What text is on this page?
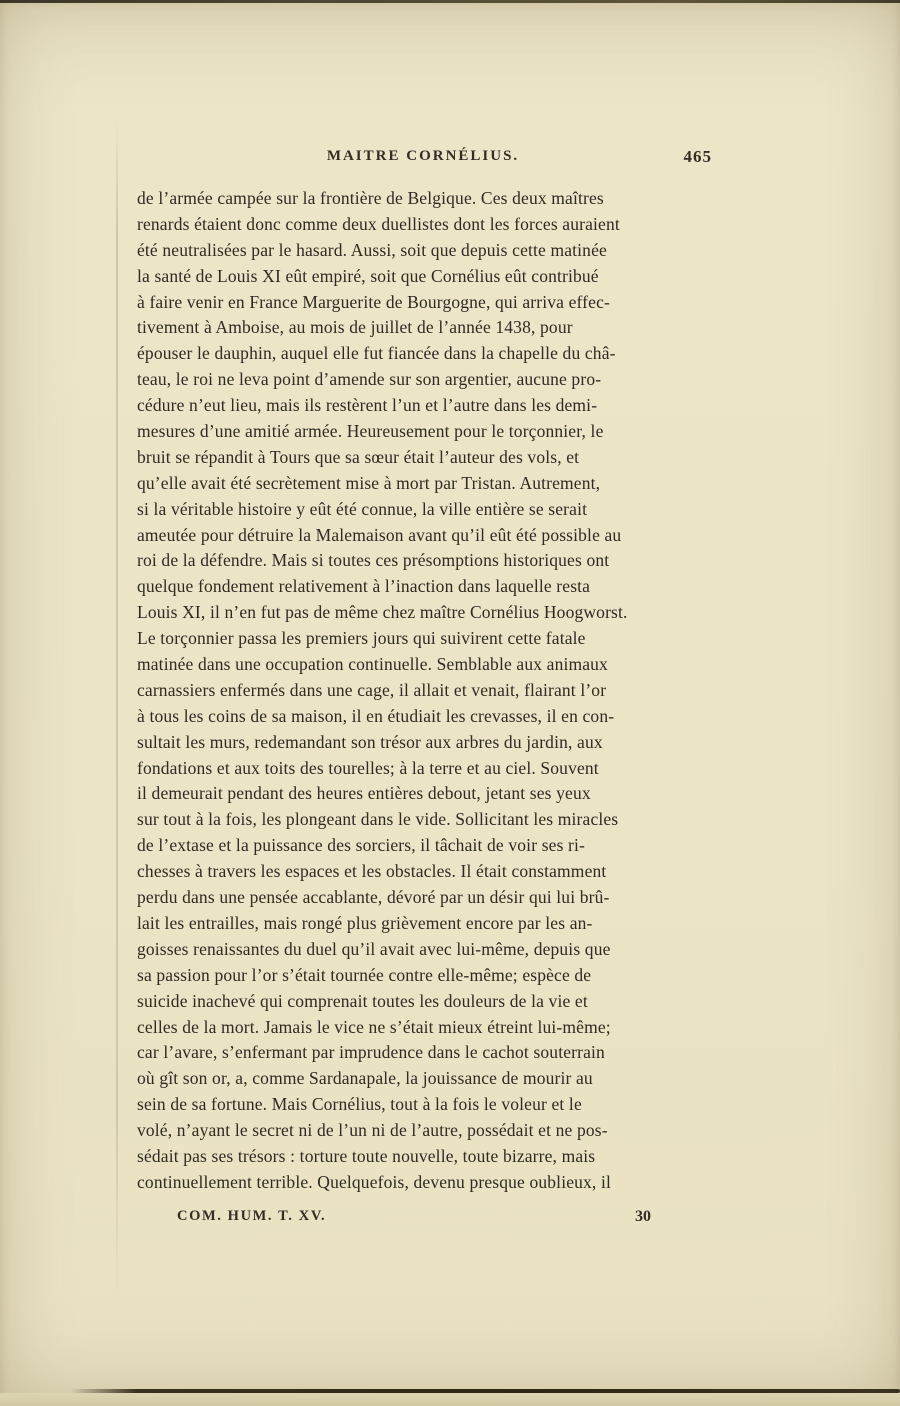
MAITRE CORNÉLIUS.	465
de l’armée campée sur la frontière de Belgique. Ces deux maîtres
renards étaient donc comme deux duellistes dont les forces auraient
été neutralisées par le hasard. Aussi, soit que depuis cette matinée
la santé de Louis XI eût empiré, soit que Cornélius eût contribué
à faire venir en France Marguerite de Bourgogne, qui arriva effec-
tivement à Amboise, au mois de juillet de l’année 1438, pour
épouser le dauphin, auquel elle fut fiancée dans la chapelle du châ-
teau, le roi ne leva point d’amende sur son argentier, aucune pro-
cédure n’eut lieu, mais ils restèrent l’un et l’autre dans les demi-
mesures d’une amitié armée. Heureusement pour le torçonnier, le
bruit se répandit à Tours que sa sœur était l’auteur des vols, et
qu’elle avait été secrètement mise à mort par Tristan. Autrement,
si la véritable histoire y eût été connue, la ville entière se serait
ameutée pour détruire la Malemaison avant qu’il eût été possible au
roi de la défendre. Mais si toutes ces présomptions historiques ont
quelque fondement relativement à l’inaction dans laquelle resta
Louis XI, il n’en fut pas de même chez maître Cornélius Hoogworst.
Le torçonnier passa les premiers jours qui suivirent cette fatale
matinée dans une occupation continuelle. Semblable aux animaux
carnassiers enfermés dans une cage, il allait et venait, flairant l’or
à tous les coins de sa maison, il en étudiait les crevasses, il en con-
sultait les murs, redemandant son trésor aux arbres du jardin, aux
fondations et aux toits des tourelles; à la terre et au ciel. Souvent
il demeurait pendant des heures entières debout, jetant ses yeux
sur tout à la fois, les plongeant dans le vide. Sollicitant les miracles
de l’extase et la puissance des sorciers, il tâchait de voir ses ri-
chesses à travers les espaces et les obstacles. Il était constamment
perdu dans une pensée accablante, dévoré par un désir qui lui brû-
lait les entrailles, mais rongé plus grièvement encore par les an-
goisses renaissantes du duel qu’il avait avec lui-même, depuis que
sa passion pour l’or s’était tournée contre elle-même; espèce de
suicide inachevé qui comprenait toutes les douleurs de la vie et
celles de la mort. Jamais le vice ne s’était mieux étreint lui-même;
car l’avare, s’enfermant par imprudence dans le cachot souterrain
où gît son or, a, comme Sardanapale, la jouissance de mourir au
sein de sa fortune. Mais Cornélius, tout à la fois le voleur et le
volé, n’ayant le secret ni de l’un ni de l’autre, possédait et ne pos-
sédait pas ses trésors : torture toute nouvelle, toute bizarre, mais
continuellement terrible. Quelquefois, devenu presque oublieux, il
COM. HUM. T. XV.	30
